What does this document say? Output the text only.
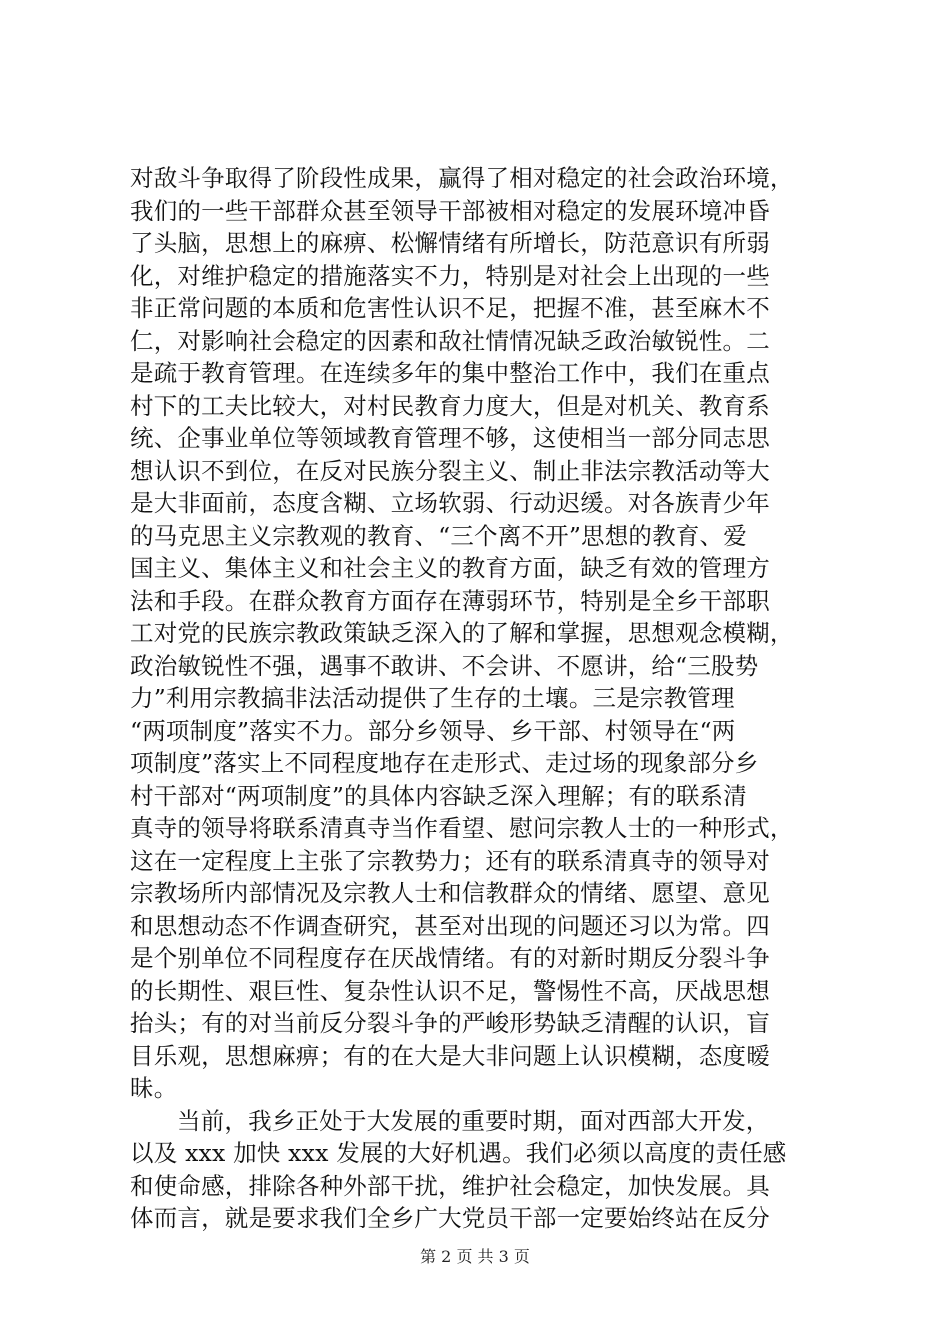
对敌斗争取得了阶段性成果，赢得了相对稳定的社会政治环境，
我们的一些干部群众甚至领导干部被相对稳定的发展环境冲昏
了头脑，思想上的麻痹、松懈情绪有所增长，防范意识有所弱
化，对维护稳定的措施落实不力，特别是对社会上出现的一些
非正常问题的本质和危害性认识不足，把握不准，甚至麻木不
仁，对影响社会稳定的因素和敌社情情况缺乏政治敏锐性。二
是疏于教育管理。在连续多年的集中整治工作中，我们在重点
村下的工夫比较大，对村民教育力度大，但是对机关、教育系
统、企事业单位等领域教育管理不够，这使相当一部分同志思
想认识不到位，在反对民族分裂主义、制止非法宗教活动等大
是大非面前，态度含糊、立场软弱、行动迟缓。对各族青少年
的马克思主义宗教观的教育、“三个离不开”思想的教育、爱
国主义、集体主义和社会主义的教育方面，缺乏有效的管理方
法和手段。在群众教育方面存在薄弱环节，特别是全乡干部职
工对党的民族宗教政策缺乏深入的了解和掌握，思想观念模糊，
政治敏锐性不强，遇事不敢讲、不会讲、不愿讲，给“三股势
力”利用宗教搞非法活动提供了生存的土壤。三是宗教管理
“两项制度”落实不力。部分乡领导、乡干部、村领导在“两
项制度”落实上不同程度地存在走形式、走过场的现象部分乡
村干部对“两项制度”的具体内容缺乏深入理解；有的联系清
真寺的领导将联系清真寺当作看望、慰问宗教人士的一种形式，
这在一定程度上主张了宗教势力；还有的联系清真寺的领导对
宗教场所内部情况及宗教人士和信教群众的情绪、愿望、意见
和思想动态不作调查研究，甚至对出现的问题还习以为常。四
是个别单位不同程度存在厌战情绪。有的对新时期反分裂斗争
的长期性、艰巨性、复杂性认识不足，警惕性不高，厌战思想
抬头；有的对当前反分裂斗争的严峻形势缺乏清醒的认识，盲
目乐观，思想麻痹；有的在大是大非问题上认识模糊，态度暧
昧。
当前，我乡正处于大发展的重要时期，面对西部大开发，
以及 xxx 加快 xxx 发展的大好机遇。我们必须以高度的责任感
和使命感，排除各种外部干扰，维护社会稳定，加快发展。具
体而言，就是要求我们全乡广大党员干部一定要始终站在反分
第 2 页 共 3 页
